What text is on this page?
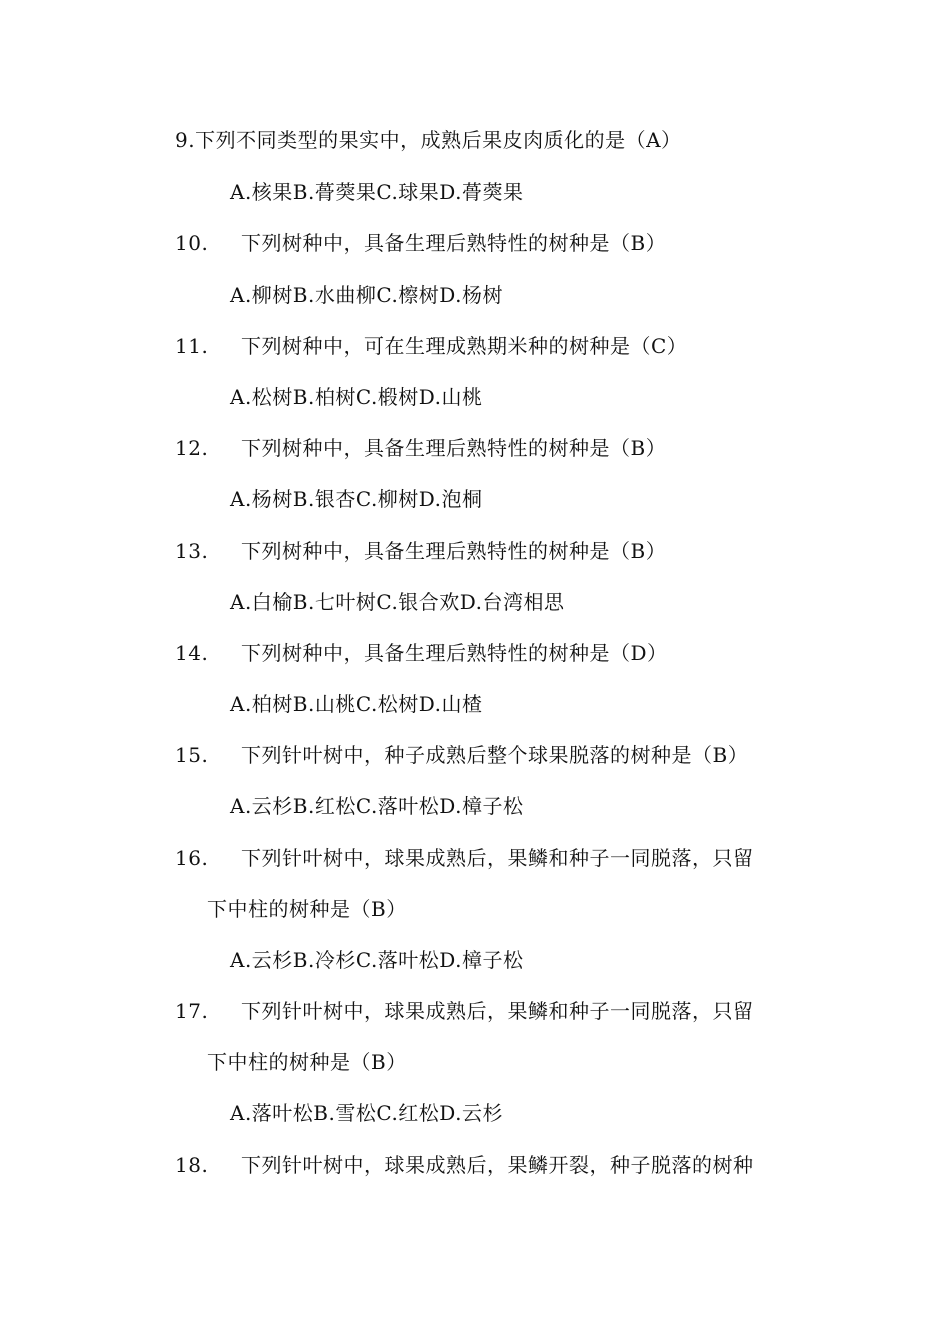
9.下列不同类型的果实中，成熟后果皮肉质化的是（A）
A.核果B.蓇葖果C.球果D.蓇葖果
10. 下列树种中，具备生理后熟特性的树种是（B）
A.柳树B.水曲柳C.檫树D.杨树
11. 下列树种中，可在生理成熟期米种的树种是（C）
A.松树B.柏树C.椴树D.山桃
12. 下列树种中，具备生理后熟特性的树种是（B）
A.杨树B.银杏C.柳树D.泡桐
13. 下列树种中，具备生理后熟特性的树种是（B）
A.白榆B.七叶树C.银合欢D.台湾相思
14. 下列树种中，具备生理后熟特性的树种是（D）
A.柏树B.山桃C.松树D.山楂
15. 下列针叶树中，种子成熟后整个球果脱落的树种是（B）
A.云杉B.红松C.落叶松D.樟子松
16. 下列针叶树中，球果成熟后，果鳞和种子一同脱落，只留
下中柱的树种是（B）
A.云杉B.冷杉C.落叶松D.樟子松
17. 下列针叶树中，球果成熟后，果鳞和种子一同脱落，只留
下中柱的树种是（B）
A.落叶松B.雪松C.红松D.云杉
18. 下列针叶树中，球果成熟后，果鳞开裂，种子脱落的树种
